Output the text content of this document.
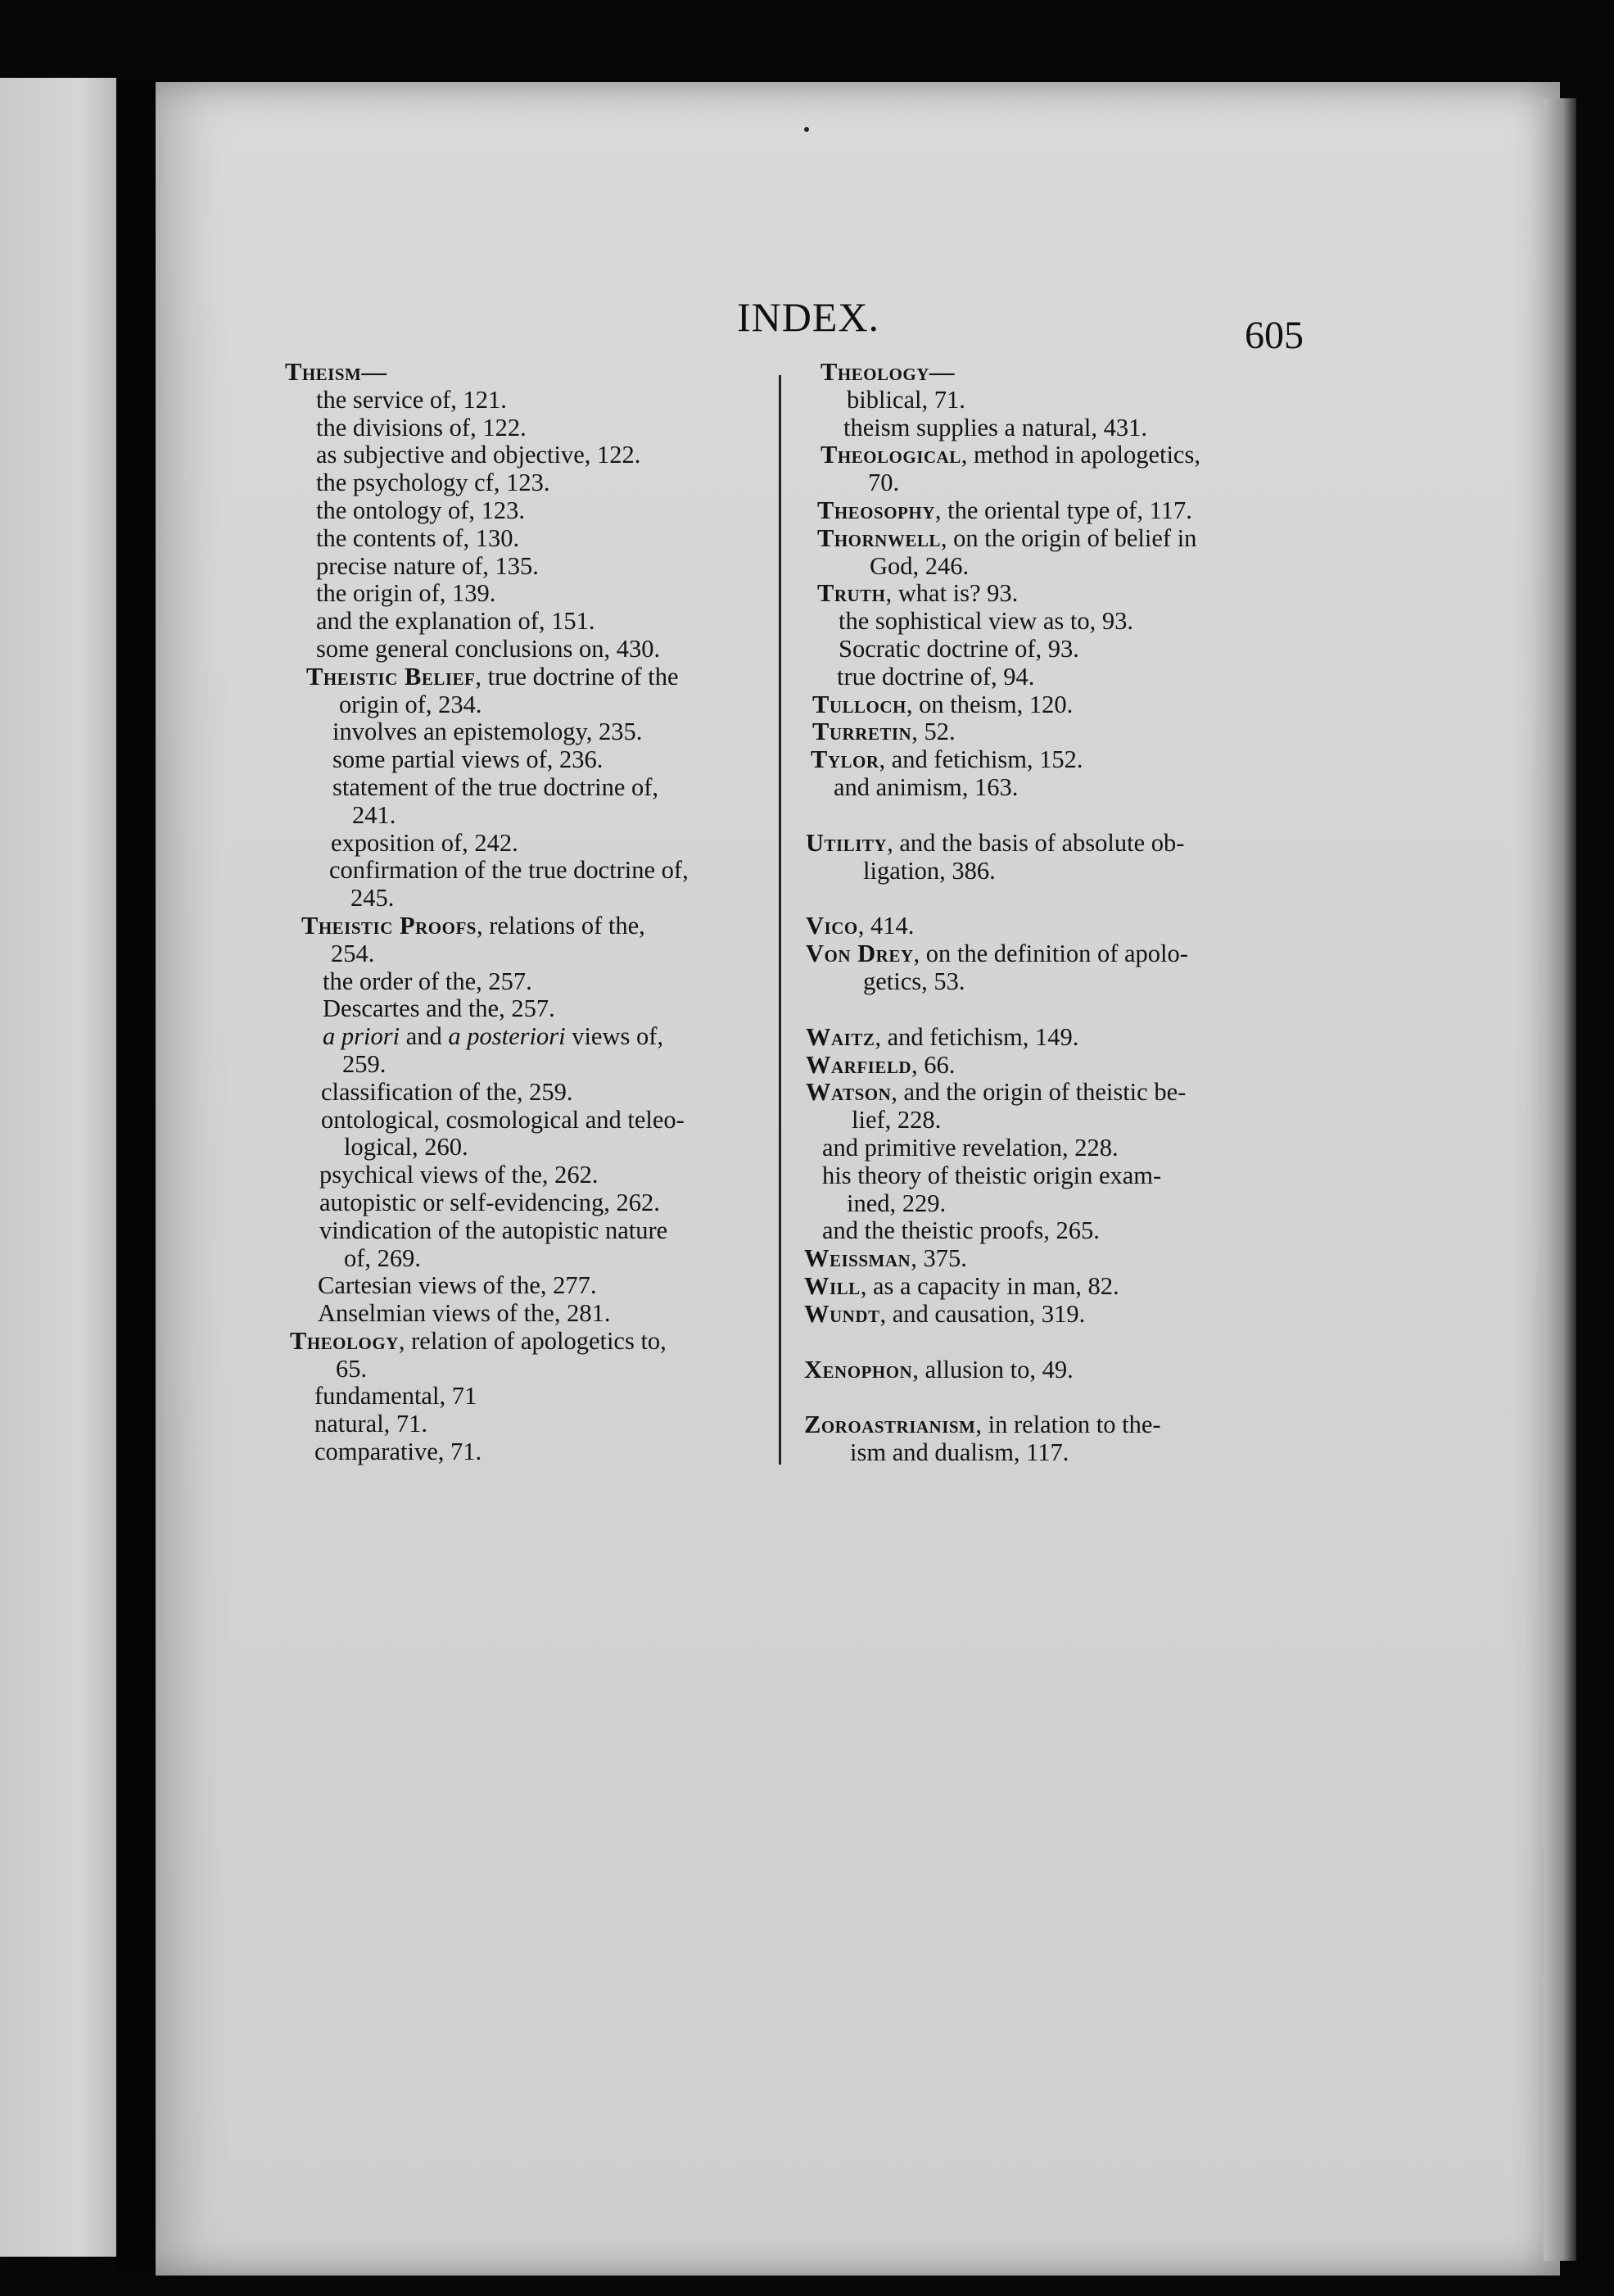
INDEX.	605
Theism—
the service of, 121.
the divisions of, 122.
as subjective and objective, 122.
the psychology cf, 123.
the ontology of, 123.
the contents of, 130.
precise nature of, 135.
the origin of, 139.
and the explanation of, 151.
some general conclusions on, 430.
Theistic Belief, true doctrine of the
origin of, 234.
involves an epistemology, 235.
some partial views of, 236.
statement of the true doctrine of,
241.
exposition of, 242.
confirmation of the true doctrine of,
245.
Theistic Proofs, relations of the,
254.
the order of the, 257.
Descartes and the, 257.
a priori and a posteriori views of,
259.
classification of the, 259.
ontological, cosmological and teleo-
logical, 260.
psychical views of the, 262.
autopistic or self-evidencing, 262.
vindication of the autopistic nature
of, 269.
Cartesian views of the, 277.
Anselmian views of the, 281.
Theology, relation of apologetics to,
65.
fundamental, 71
natural, 71.
comparative, 71.
Theology—
biblical, 71.
theism supplies a natural, 431.
Theological, method in apologetics,
70.
Theosophy, the oriental type of, 117.
Thornwell, on the origin of belief in
God, 246.
Truth, what is? 93.
the sophistical view as to, 93.
Socratic doctrine of, 93.
true doctrine of, 94.
Tulloch, on theism, 120.
Turretin, 52.
Tylor, and fetichism, 152.
and animism, 163.
Utility, and the basis of absolute ob-
ligation, 386.
Vico, 414.
Von Drey, on the definition of apolo-
getics, 53.
Waitz, and fetichism, 149.
Warfield, 66.
Watson, and the origin of theistic be-
lief, 228.
and primitive revelation, 228.
his theory of theistic origin exam-
ined, 229.
and the theistic proofs, 265.
Weissman, 375.
Will, as a capacity in man, 82.
Wundt, and causation, 319.
Xenophon, allusion to, 49.
Zoroastrianism, in relation to the-
ism and dualism, 117.
